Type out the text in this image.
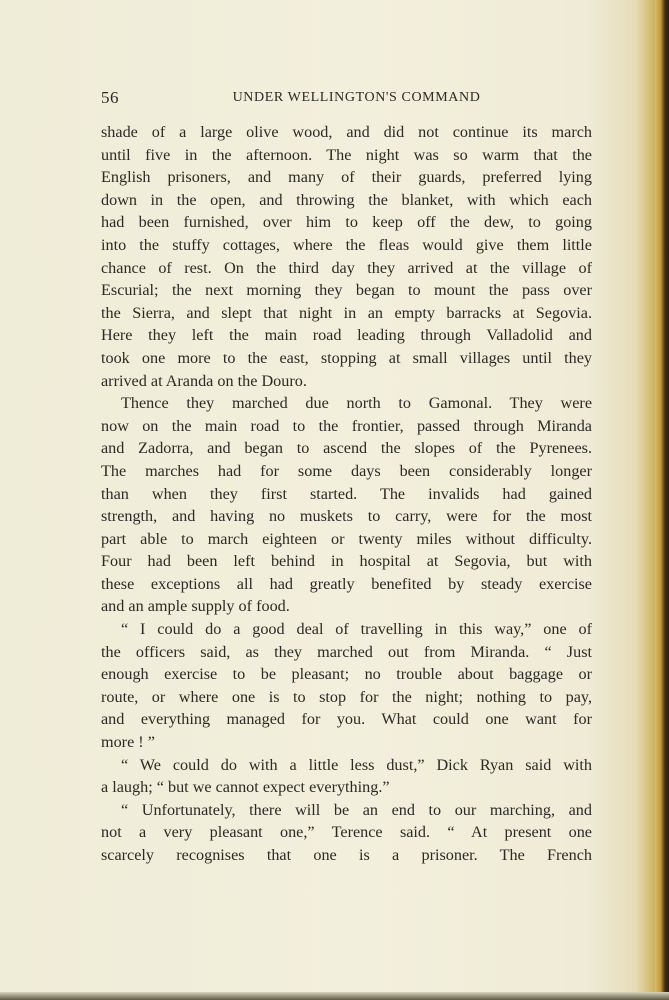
56	UNDER WELLINGTON'S COMMAND
shade of a large olive wood, and did not continue its march
until five in the afternoon. The night was so warm that the
English prisoners, and many of their guards, preferred lying
down in the open, and throwing the blanket, with which each
had been furnished, over him to keep off the dew, to going
into the stuffy cottages, where the fleas would give them little
chance of rest. On the third day they arrived at the village of
Escurial; the next morning they began to mount the pass over
the Sierra, and slept that night in an empty barracks at Segovia.
Here they left the main road leading through Valladolid and
took one more to the east, stopping at small villages until they
arrived at Aranda on the Douro.
Thence they marched due north to Gamonal. They were
now on the main road to the frontier, passed through Miranda
and Zadorra, and began to ascend the slopes of the Pyrenees.
The marches had for some days been considerably longer
than when they first started. The invalids had gained
strength, and having no muskets to carry, were for the most
part able to march eighteen or twenty miles without difficulty.
Four had been left behind in hospital at Segovia, but with
these exceptions all had greatly benefited by steady exercise
and an ample supply of food.
“ I could do a good deal of travelling in this way,” one of
the officers said, as they marched out from Miranda. “ Just
enough exercise to be pleasant; no trouble about baggage or
route, or where one is to stop for the night; nothing to pay,
and everything managed for you. What could one want for
more ! ”
“ We could do with a little less dust,” Dick Ryan said with
a laugh; “ but we cannot expect everything.”
“ Unfortunately, there will be an end to our marching, and
not a very pleasant one,” Terence said. “ At present one
scarcely recognises that one is a prisoner. The French
